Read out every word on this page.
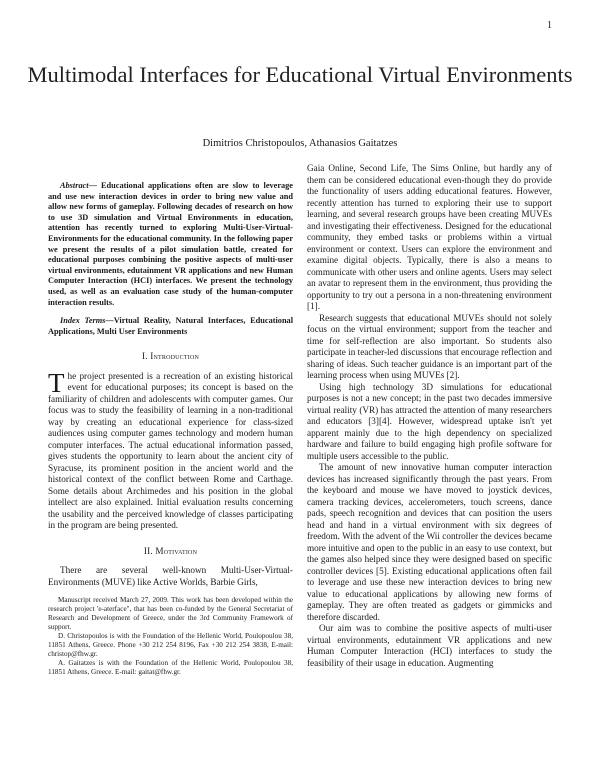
1
Multimodal Interfaces for Educational Virtual Environments
Dimitrios Christopoulos, Athanasios Gaitatzes

Abstract— Educational applications often are slow to leverage and use new interaction devices in order to bring new value and allow new forms of gameplay. Following decades of research on how to use 3D simulation and Virtual Environments in education, attention has recently turned to exploring Multi-User-Virtual-Environments for the educational community. In the following paper we present the results of a pilot simulation battle, created for educational purposes combining the positive aspects of multi-user virtual environments, edutainment VR applications and new Human Computer Interaction (HCI) interfaces. We present the technology used, as well as an evaluation case study of the human-computer interaction results.

Index Terms—Virtual Reality, Natural Interfaces, Educational Applications, Multi User Environments

I. Introduction

The project presented is a recreation of an existing historical event for educational purposes; its concept is based on the familiarity of children and adolescents with computer games. Our focus was to study the feasibility of learning in a non-traditional way by creating an educational experience for class-sized audiences using computer games technology and modern human computer interfaces. The actual educational information passed, gives students the opportunity to learn about the ancient city of Syracuse, its prominent position in the ancient world and the historical context of the conflict between Rome and Carthage. Some details about Archimedes and his position in the global intellect are also explained. Initial evaluation results concerning the usability and the perceived knowledge of classes participating in the program are being presented.

II. Motivation

There are several well-known Multi-User-Virtual-Environments (MUVE) like Active Worlds, Barbie Girls,

Manuscript received March 27, 2009. This work has been developed within the research project 'e-aterface", that has been co-funded by the General Secretariat of Research and Development of Greece, under the 3rd Community Framework of support.

D. Christopoulos is with the Foundation of the Hellenic World, Poulopoulou 38, 11851 Athens, Greece. Phone +30 212 254 8196, Fax +30 212 254 3838, E-mail: christop@fhw.gr.

A. Gaitatzes is with the Foundation of the Hellenic World, Poulopoulou 38, 11851 Athens, Greece. E-mail: gaitat@fhw.gr.

Gaia Online, Second Life, The Sims Online, but hardly any of them can be considered educational even-though they do provide the functionality of users adding educational features. However, recently attention has turned to exploring their use to support learning, and several research groups have been creating MUVEs and investigating their effectiveness. Designed for the educational community, they embed tasks or problems within a virtual environment or context. Users can explore the environment and examine digital objects. Typically, there is also a means to communicate with other users and online agents. Users may select an avatar to represent them in the environment, thus providing the opportunity to try out a persona in a non-threatening environment [1].

Research suggests that educational MUVEs should not solely focus on the virtual environment; support from the teacher and time for self-reflection are also important. So students also participate in teacher-led discussions that encourage reflection and sharing of ideas. Such teacher guidance is an important part of the learning process when using MUVEs [2].

Using high technology 3D simulations for educational purposes is not a new concept; in the past two decades immersive virtual reality (VR) has attracted the attention of many researchers and educators [3][4]. However, widespread uptake isn't yet apparent mainly due to the high dependency on specialized hardware and failure to build engaging high profile software for multiple users accessible to the public.

The amount of new innovative human computer interaction devices has increased significantly through the past years. From the keyboard and mouse we have moved to joystick devices, camera tracking devices, accelerometers, touch screens, dance pads, speech recognition and devices that can position the users head and hand in a virtual environment with six degrees of freedom. With the advent of the Wii controller the devices became more intuitive and open to the public in an easy to use context, but the games also helped since they were designed based on specific controller devices [5]. Existing educational applications often fail to leverage and use these new interaction devices to bring new value to educational applications by allowing new forms of gameplay. They are often treated as gadgets or gimmicks and therefore discarded.

Our aim was to combine the positive aspects of multi-user virtual environments, edutainment VR applications and new Human Computer Interaction (HCI) interfaces to study the feasibility of their usage in education. Augmenting
